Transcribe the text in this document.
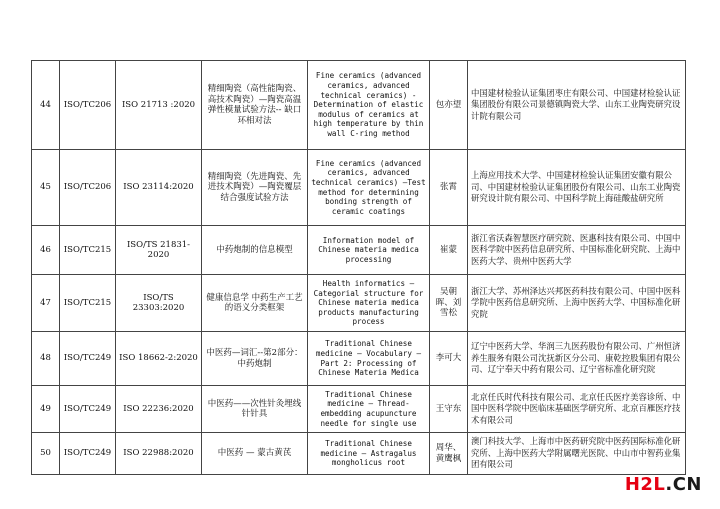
44	ISO/TC206	ISO 21713 :2020	精细陶瓷（高性能陶瓷、高技术陶瓷）—陶瓷高温弹性模量试验方法-- 缺口环相对法	Fine ceramics (advanced ceramics, advanced technical ceramics) - Determination of elastic modulus of ceramics at high temperature by thin wall C-ring method	包亦望	中国建材检验认证集团枣庄有限公司、中国建材检验认证集团股份有限公司景德镇陶瓷大学、山东工业陶瓷研究设计院有限公司
45	ISO/TC206	ISO 23114:2020	精细陶瓷（先进陶瓷、先进技术陶瓷）—陶瓷覆层结合强度试验方法	Fine ceramics (advanced ceramics, advanced technical ceramics) —Test method for determining bonding strength of ceramic coatings	张霄	上海应用技术大学、中国建材检验认证集团安徽有限公司、中国建材检验认证集团股份有限公司、山东工业陶瓷研究设计院有限公司、中国科学院上海硅酸盐研究所
46	ISO/TC215	ISO/TS 21831-2020	中药炮制的信息模型	Information model of Chinese materia medica processing	崔蒙	浙江省沃森智慧医疗研究院、医惠科技有限公司、中国中医科学院中医药信息研究所、中国标准化研究院、上海中医药大学、贵州中医药大学
47	ISO/TC215	ISO/TS 23303:2020	健康信息学 中药生产工艺的语义分类框架	Health informatics —Categorial structure for Chinese materia medica products manufacturing process	吴朝晖、刘雪松	浙江大学、苏州泽达兴邦医药科技有限公司、中国中医科学院中医药信息研究所、上海中医药大学、中国标准化研究院
48	ISO/TC249	ISO 18662-2:2020	中医药—词汇--第2部分：中药炮制	Traditional Chinese medicine — Vocabulary — Part 2: Processing of Chinese Materia Medica	李可大	辽宁中医药大学、华润三九医药股份有限公司、广州恒济养生服务有限公司沈抚新区分公司、康乾控股集团有限公司、辽宁奉天中药有限公司、辽宁省标准化研究院
49	ISO/TC249	ISO 22236:2020	中医药——次性针灸埋线针针具	Traditional Chinese medicine — Thread-embedding acupuncture needle for single use	王守东	北京任氏时代科技有限公司、北京任氏医疗美容诊所、中国中医科学院中医临床基础医学研究所、北京百雁医疗技术有限公司
50	ISO/TC249	ISO 22988:2020	中医药 — 蒙古黄芪	Traditional Chinese medicine — Astragalus mongholicus root	周华、黄鹰枫	澳门科技大学、上海市中医药研究院中医药国际标准化研究所、上海中医药大学附属曙光医院、中山市中智药业集团有限公司
H2L.CN
